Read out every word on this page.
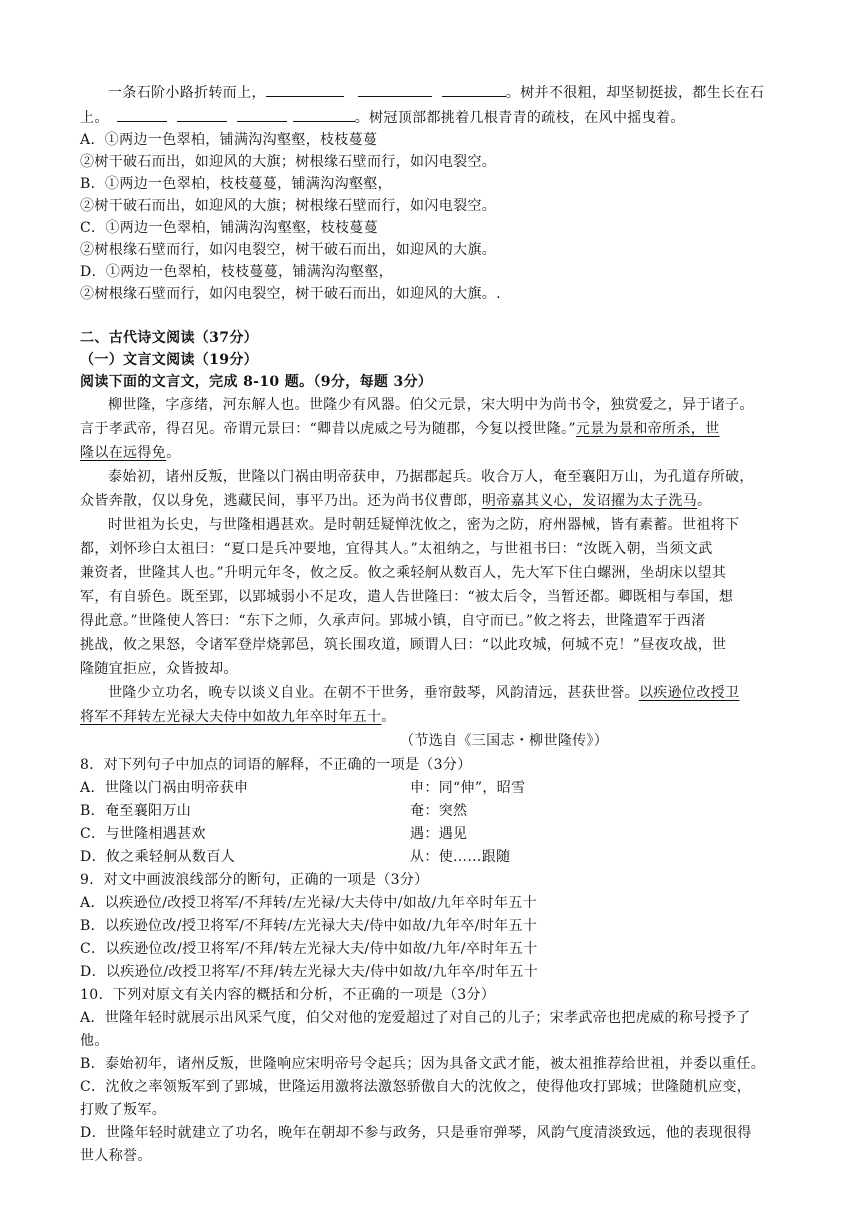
一条石阶小路折转而上，	。树并不很粗，却坚韧挺拔，都生长在石
上。	。树冠顶部都挑着几根青青的疏枝，在风中摇曳着。
A．①两边一色翠柏，铺满沟沟壑壑，枝枝蔓蔓
②树干破石而出，如迎风的大旗；树根缘石壁而行，如闪电裂空。
B．①两边一色翠柏，枝枝蔓蔓，铺满沟沟壑壑，
②树干破石而出，如迎风的大旗；树根缘石壁而行，如闪电裂空。
C．①两边一色翠柏，铺满沟沟壑壑，枝枝蔓蔓
②树根缘石壁而行，如闪电裂空，树干破石而出，如迎风的大旗。
D．①两边一色翠柏，枝枝蔓蔓，铺满沟沟壑壑，
②树根缘石壁而行，如闪电裂空，树干破石而出，如迎风的大旗。.
二、古代诗文阅读（37分）
（一）文言文阅读（19分）
阅读下面的文言文，完成 8-10 题。（9分，每题 3分）
柳世隆，字彦绪，河东解人也。世隆少有风器。伯父元景，宋大明中为尚书令，独赏爱之，异于诸子。
言于孝武帝，得召见。帝谓元景曰：“卿昔以虎威之号为随郡，今复以授世隆。”元景为景和帝所杀，世
隆以在远得免。
泰始初，诸州反叛，世隆以门祸由明帝获申，乃据郡起兵。收合万人，奄至襄阳万山，为孔道存所破，
众皆奔散，仅以身免，逃藏民间，事平乃出。还为尚书仪曹郎，明帝嘉其义心，发诏擢为太子洗马。
时世祖为长史，与世隆相遇甚欢。是时朝廷疑惮沈攸之，密为之防，府州器械，皆有素蓄。世祖将下
都，刘怀珍白太祖曰：“夏口是兵冲要地，宜得其人。”太祖纳之，与世祖书曰：“汝既入朝，当须文武
兼资者，世隆其人也。”升明元年冬，攸之反。攸之乘轻舸从数百人，先大军下住白螺洲，坐胡床以望其
军，有自骄色。既至郢，以郢城弱小不足攻，遣人告世隆曰：“被太后令，当暂还都。卿既相与奉国，想
得此意。”世隆使人答曰：“东下之师，久承声问。郢城小镇，自守而已。”攸之将去，世隆遣军于西渚
挑战，攸之果怒，令诸军登岸烧郭邑，筑长围攻道，顾谓人曰：“以此攻城，何城不克！”昼夜攻战，世
隆随宜拒应，众皆披却。
世隆少立功名，晚专以谈义自业。在朝不干世务，垂帘鼓琴，风韵清远，甚获世誉。以疾逊位改授卫
将军不拜转左光禄大夫侍中如故九年卒时年五十。
（节选自《三国志・柳世隆传》）
8．对下列句子中加点的词语的解释，不正确的一项是（3分）
A．世隆以门祸由明帝获申	申：同“伸”，昭雪
B．奄至襄阳万山	奄：突然
C．与世隆相遇甚欢	遇：遇见
D．攸之乘轻舸从数百人	从：使……跟随
9．对文中画波浪线部分的断句，正确的一项是（3分）
A．以疾逊位/改授卫将军/不拜转/左光禄/大夫侍中/如故/九年卒时年五十
B．以疾逊位改/授卫将军/不拜转/左光禄大夫/侍中如故/九年卒/时年五十
C．以疾逊位改/授卫将军/不拜/转左光禄大夫/侍中如故/九年/卒时年五十
D．以疾逊位/改授卫将军/不拜/转左光禄大夫/侍中如故/九年卒/时年五十
10．下列对原文有关内容的概括和分析，不正确的一项是（3分）
A．世隆年轻时就展示出风采气度，伯父对他的宠爱超过了对自己的儿子；宋孝武帝也把虎威的称号授予了
他。
B．泰始初年，诸州反叛，世隆响应宋明帝号令起兵；因为具备文武才能，被太祖推荐给世祖，并委以重任。
C．沈攸之率领叛军到了郢城，世隆运用激将法激怒骄傲自大的沈攸之，使得他攻打郢城；世隆随机应变，
打败了叛军。
D．世隆年轻时就建立了功名，晚年在朝却不参与政务，只是垂帘弹琴，风韵气度清淡致远，他的表现很得
世人称誉。
